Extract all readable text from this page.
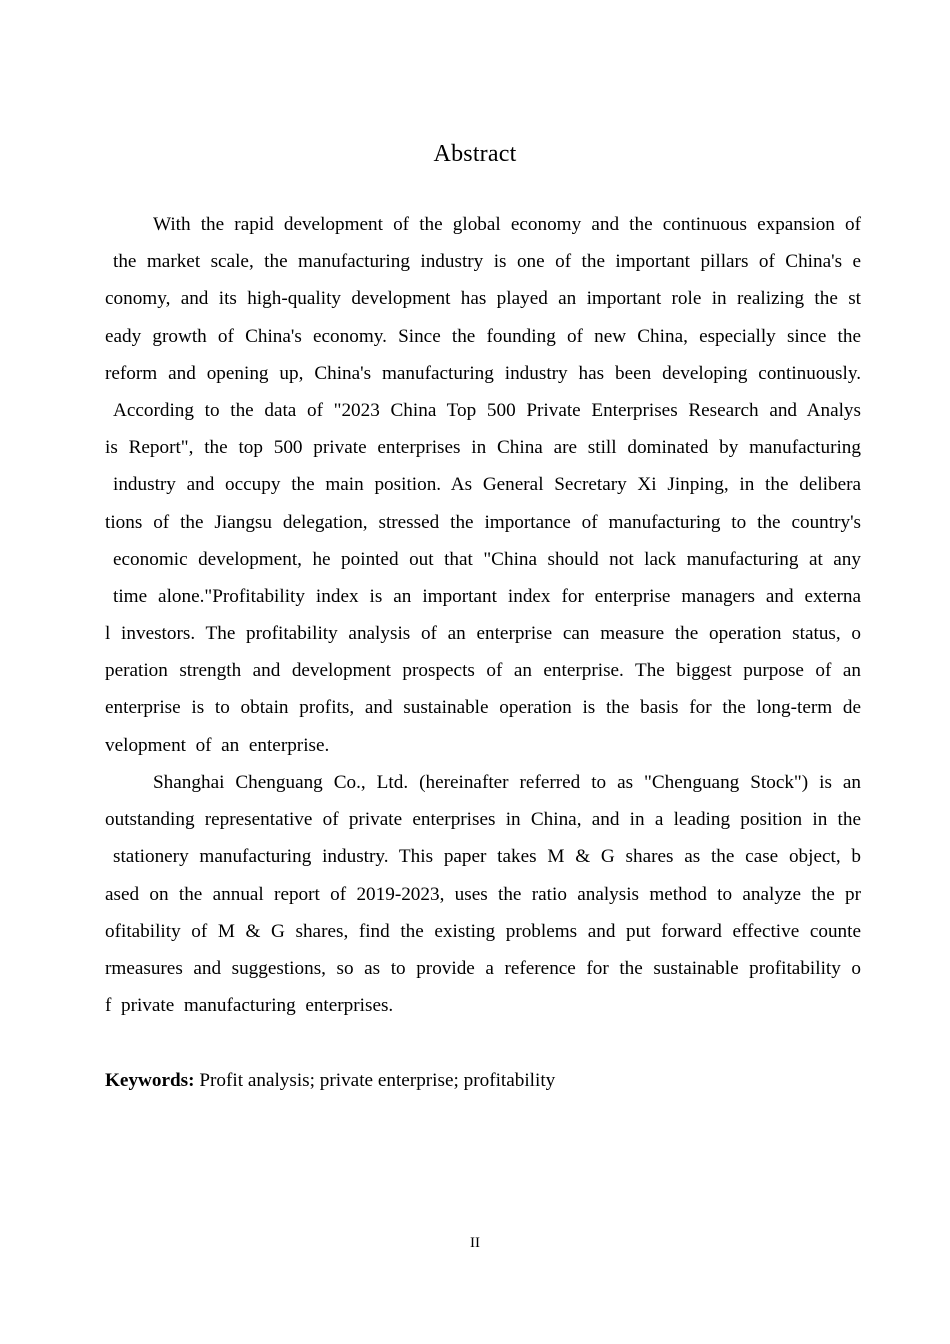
Abstract
With  the  rapid  development  of  the  global  economy  and  the  continuous  expansion  of
the  market  scale,  the  manufacturing  industry  is  one  of  the  important  pillars  of  China's  e
conomy,  and  its  high-quality  development  has  played  an  important  role  in  realizing  the  st
eady  growth  of  China's  economy.  Since  the  founding  of  new  China,  especially  since  the
reform  and  opening  up,  China's  manufacturing  industry  has  been  developing  continuously.
According  to  the  data  of  "2023  China  Top  500  Private  Enterprises  Research  and  Analys
is  Report",  the  top  500  private  enterprises  in  China  are  still  dominated  by  manufacturing
industry  and  occupy  the  main  position.  As  General  Secretary  Xi  Jinping,  in  the  delibera
tions  of  the  Jiangsu  delegation,  stressed  the  importance  of  manufacturing  to  the  country's
economic  development,  he  pointed  out  that  "China  should  not  lack  manufacturing  at  any
time  alone."Profitability  index  is  an  important  index  for  enterprise  managers  and  externa
l  investors.  The  profitability  analysis  of  an  enterprise  can  measure  the  operation  status,  o
peration  strength  and  development  prospects  of  an  enterprise.  The  biggest  purpose  of  an
enterprise  is  to  obtain  profits,  and  sustainable  operation  is  the  basis  for  the  long-term  de
velopment  of  an  enterprise.
Shanghai  Chenguang  Co.,  Ltd.  (hereinafter  referred  to  as  "Chenguang  Stock")  is  an
outstanding  representative  of  private  enterprises  in  China,  and  in  a  leading  position  in  the
stationery  manufacturing  industry.  This  paper  takes  M  &  G  shares  as  the  case  object,  b
ased  on  the  annual  report  of  2019-2023,  uses  the  ratio  analysis  method  to  analyze  the  pr
ofitability  of  M  &  G  shares,  find  the  existing  problems  and  put  forward  effective  counte
rmeasures  and  suggestions,  so  as  to  provide  a  reference  for  the  sustainable  profitability  o
f  private  manufacturing  enterprises.
Keywords: Profit analysis; private enterprise; profitability
II
